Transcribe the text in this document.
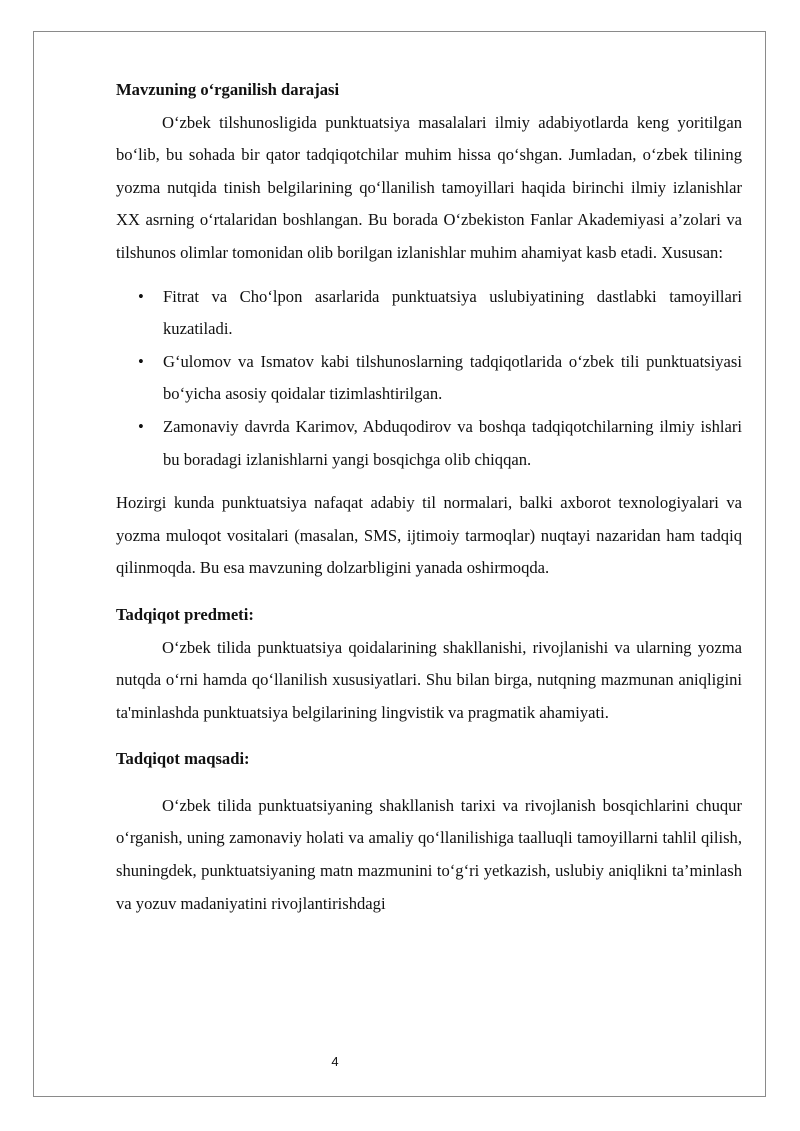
Mavzuning o‘rganilish darajasi

O‘zbek tilshunosligida punktuatsiya masalalari ilmiy adabiyotlarda keng yoritilgan bo‘lib, bu sohada bir qator tadqiqotchilar muhim hissa qo‘shgan. Jumladan, o‘zbek tilining yozma nutqida tinish belgilarining qo‘llanilish tamoyillari haqida birinchi ilmiy izlanishlar XX asrning o‘rtalaridan boshlangan. Bu borada O‘zbekiston Fanlar Akademiyasi a’zolari va tilshunos olimlar tomonidan olib borilgan izlanishlar muhim ahamiyat kasb etadi. Xususan:

• Fitrat va Cho‘lpon asarlarida punktuatsiya uslubiyatining dastlabki tamoyillari kuzatiladi.
• G‘ulomov va Ismatov kabi tilshunoslarning tadqiqotlarida o‘zbek tili punktuatsiyasi bo‘yicha asosiy qoidalar tizimlashtirilgan.
• Zamonaviy davrda Karimov, Abduqodirov va boshqa tadqiqotchilarning ilmiy ishlari bu boradagi izlanishlarni yangi bosqichga olib chiqqan.

Hozirgi kunda punktuatsiya nafaqat adabiy til normalari, balki axborot texnologiyalari va yozma muloqot vositalari (masalan, SMS, ijtimoiy tarmoqlar) nuqtayi nazaridan ham tadqiq qilinmoqda. Bu esa mavzuning dolzarbligini yanada oshirmoqda.

Tadqiqot predmeti:

O‘zbek tilida punktuatsiya qoidalarining shakllanishi, rivojlanishi va ularning yozma nutqda o‘rni hamda qo‘llanilish xususiyatlari. Shu bilan birga, nutqning mazmunan aniqligini ta'minlashda punktuatsiya belgilarining lingvistik va pragmatik ahamiyati.

Tadqiqot maqsadi:

O‘zbek tilida punktuatsiyaning shakllanish tarixi va rivojlanish bosqichlarini chuqur o‘rganish, uning zamonaviy holati va amaliy qo‘llanilishiga taalluqli tamoyillarni tahlil qilish, shuningdek, punktuatsiyaning matn mazmunini to‘g‘ri yetkazish, uslubiy aniqlikni ta’minlash va yozuv madaniyatini rivojlantirishdagi

4
